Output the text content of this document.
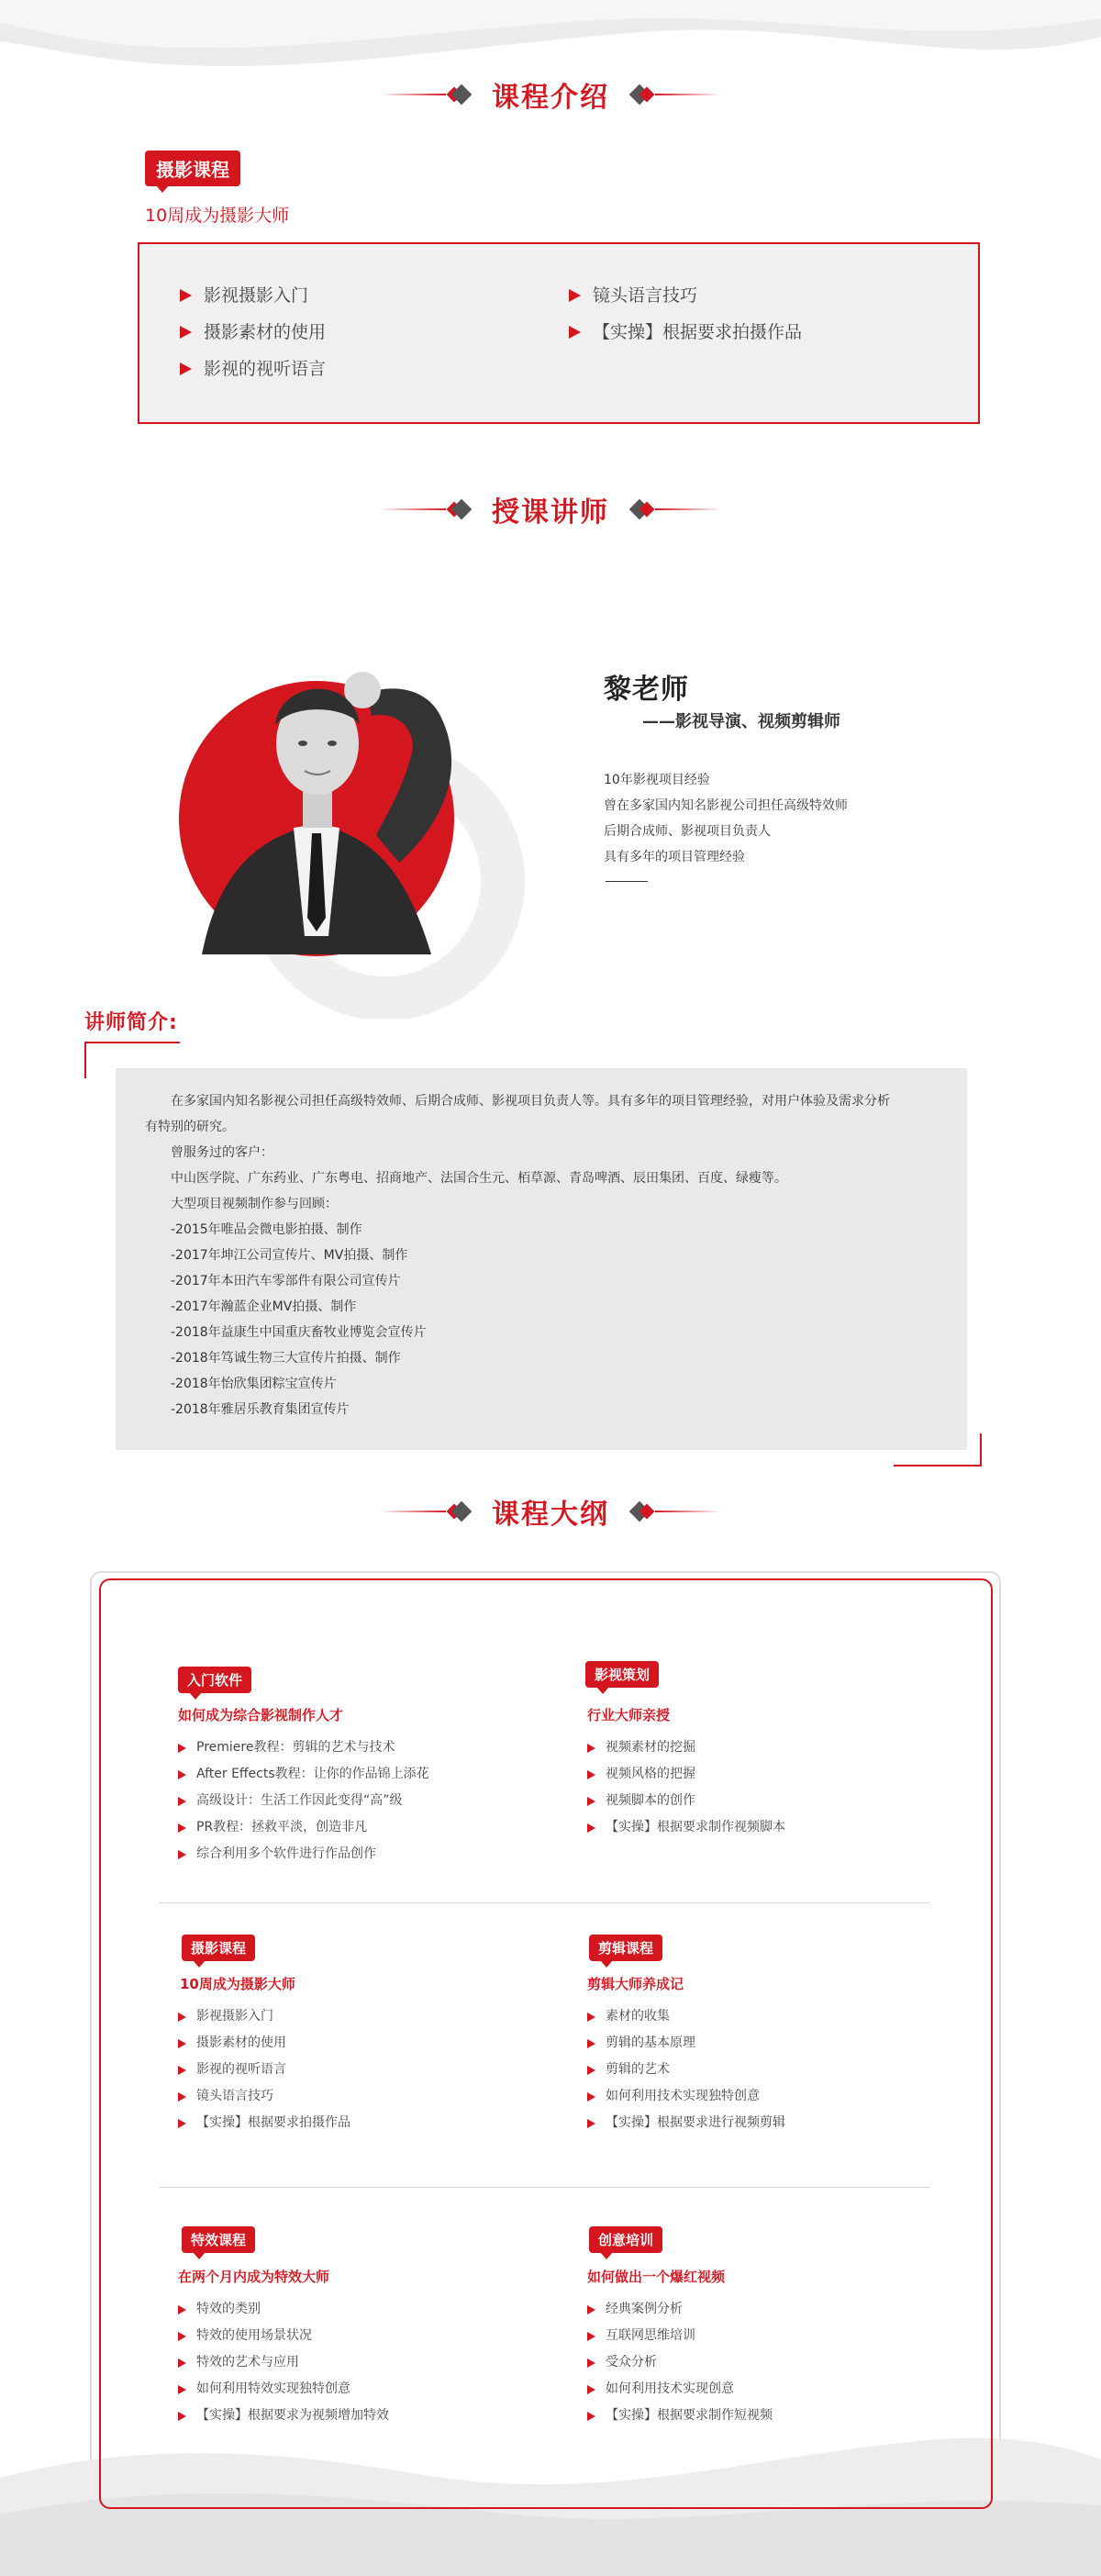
课程介绍
摄影课程
10周成为摄影大师
影视摄影入门
摄影素材的使用
影视的视听语言
镜头语言技巧
【实操】根据要求拍摄作品
授课讲师
黎老师
——影视导演、视频剪辑师
10年影视项目经验
曾在多家国内知名影视公司担任高级特效师
后期合成师、影视项目负责人
具有多年的项目管理经验
讲师简介:
在多家国内知名影视公司担任高级特效师、后期合成师、影视项目负责人等。具有多年的项目管理经验，对用户体验及需求分析
有特别的研究。
曾服务过的客户：
中山医学院、广东药业、广东粤电、招商地产、法国合生元、栢草源、青岛啤酒、辰田集团、百度、绿瘦等。
大型项目视频制作参与回顾：
-2015年唯品会微电影拍摄、制作
-2017年坤江公司宣传片、MV拍摄、制作
-2017年本田汽车零部件有限公司宣传片
-2017年瀚蓝企业MV拍摄、制作
-2018年益康生中国重庆畜牧业博览会宣传片
-2018年笃诚生物三大宣传片拍摄、制作
-2018年怡欣集团粽宝宣传片
-2018年雅居乐教育集团宣传片
课程大纲
入门软件
如何成为综合影视制作人才
Premiere教程：剪辑的艺术与技术
After Effects教程：让你的作品锦上添花
高级设计：生活工作因此变得“高”级
PR教程：拯救平淡，创造非凡
综合利用多个软件进行作品创作
影视策划
行业大师亲授
视频素材的挖掘
视频风格的把握
视频脚本的创作
【实操】根据要求制作视频脚本
摄影课程
10周成为摄影大师
影视摄影入门
摄影素材的使用
影视的视听语言
镜头语言技巧
【实操】根据要求拍摄作品
剪辑课程
剪辑大师养成记
素材的收集
剪辑的基本原理
剪辑的艺术
如何利用技术实现独特创意
【实操】根据要求进行视频剪辑
特效课程
在两个月内成为特效大师
特效的类别
特效的使用场景状况
特效的艺术与应用
如何利用特效实现独特创意
【实操】根据要求为视频增加特效
创意培训
如何做出一个爆红视频
经典案例分析
互联网思维培训
受众分析
如何利用技术实现创意
【实操】根据要求制作短视频
